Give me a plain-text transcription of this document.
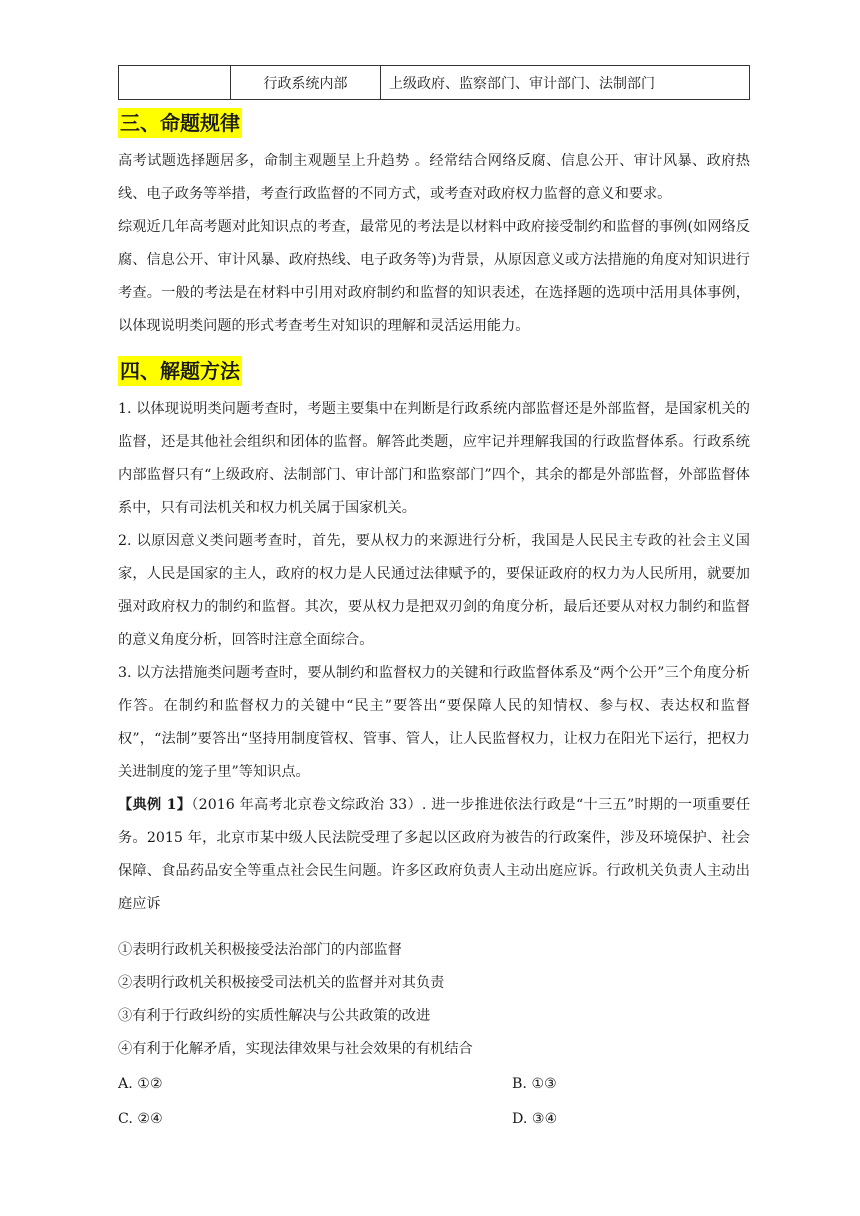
	行政系统内部	上级政府、监察部门、审计部门、法制部门
三、命题规律

高考试题选择题居多，命制主观题呈上升趋势 。经常结合网络反腐、信息公开、审计风暴、政府热线、电子政务等举措，考查行政监督的不同方式，或考查对政府权力监督的意义和要求。

综观近几年高考题对此知识点的考查，最常见的考法是以材料中政府接受制约和监督的事例(如网络反腐、信息公开、审计风暴、政府热线、电子政务等)为背景，从原因意义或方法措施的角度对知识进行考查。一般的考法是在材料中引用对政府制约和监督的知识表述，在选择题的选项中活用具体事例，以体现说明类问题的形式考查考生对知识的理解和灵活运用能力。

四、解题方法

1. 以体现说明类问题考查时，考题主要集中在判断是行政系统内部监督还是外部监督，是国家机关的监督，还是其他社会组织和团体的监督。解答此类题，应牢记并理解我国的行政监督体系。行政系统内部监督只有“上级政府、法制部门、审计部门和监察部门”四个，其余的都是外部监督，外部监督体系中，只有司法机关和权力机关属于国家机关。

2. 以原因意义类问题考查时，首先，要从权力的来源进行分析，我国是人民民主专政的社会主义国家，人民是国家的主人，政府的权力是人民通过法律赋予的，要保证政府的权力为人民所用，就要加强对政府权力的制约和监督。其次，要从权力是把双刃剑的角度分析，最后还要从对权力制约和监督的意义角度分析，回答时注意全面综合。

3. 以方法措施类问题考查时，要从制约和监督权力的关键和行政监督体系及“两个公开”三个角度分析作答。在制约和监督权力的关键中“民主”要答出“要保障人民的知情权、参与权、表达权和监督权”，“法制”要答出“坚持用制度管权、管事、管人，让人民监督权力，让权力在阳光下运行，把权力关进制度的笼子里”等知识点。

【典例 1】（2016 年高考北京卷文综政治 33）. 进一步推进依法行政是“十三五”时期的一项重要任务。2015 年，北京市某中级人民法院受理了多起以区政府为被告的行政案件，涉及环境保护、社会保障、食品药品安全等重点社会民生问题。许多区政府负责人主动出庭应诉。行政机关负责人主动出庭应诉

①表明行政机关积极接受法治部门的内部监督
②表明行政机关积极接受司法机关的监督并对其负责
③有利于行政纠纷的实质性解决与公共政策的改进
④有利于化解矛盾，实现法律效果与社会效果的有机结合
A. ①②	B. ①③
C. ②④	D. ③④
